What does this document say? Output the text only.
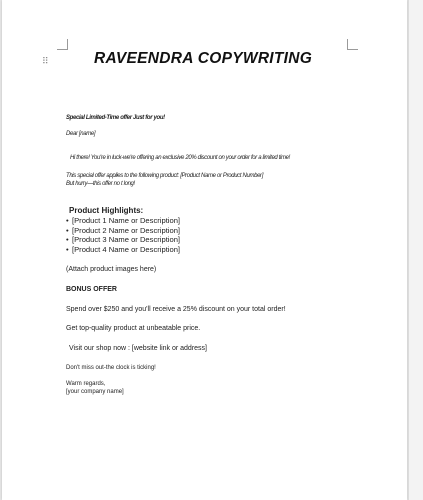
⠿	RAVEENDRA COPYWRITING
Special Limited-Time offer Just for you!
Dear [name]
Hi there! You're in luck-we're offering an exclusive 20% discount on your order for a limited time!
This special offer applies to the following product: [Product Name or Product Number]
But hurry—this offer no t long!
Product Highlights:
• [Product 1 Name or Description]
• [Product 2 Name or Description]
• [Product 3 Name or Description]
• [Product 4 Name or Description]
(Attach product images here)
BONUS OFFER
Spend over $250 and you'll receive a 25% discount on your total order!
Get top-quality product at unbeatable price.
Visit our shop now : [website link or address]
Don't miss out-the clock is ticking!
Warm regards,
[your company name]
